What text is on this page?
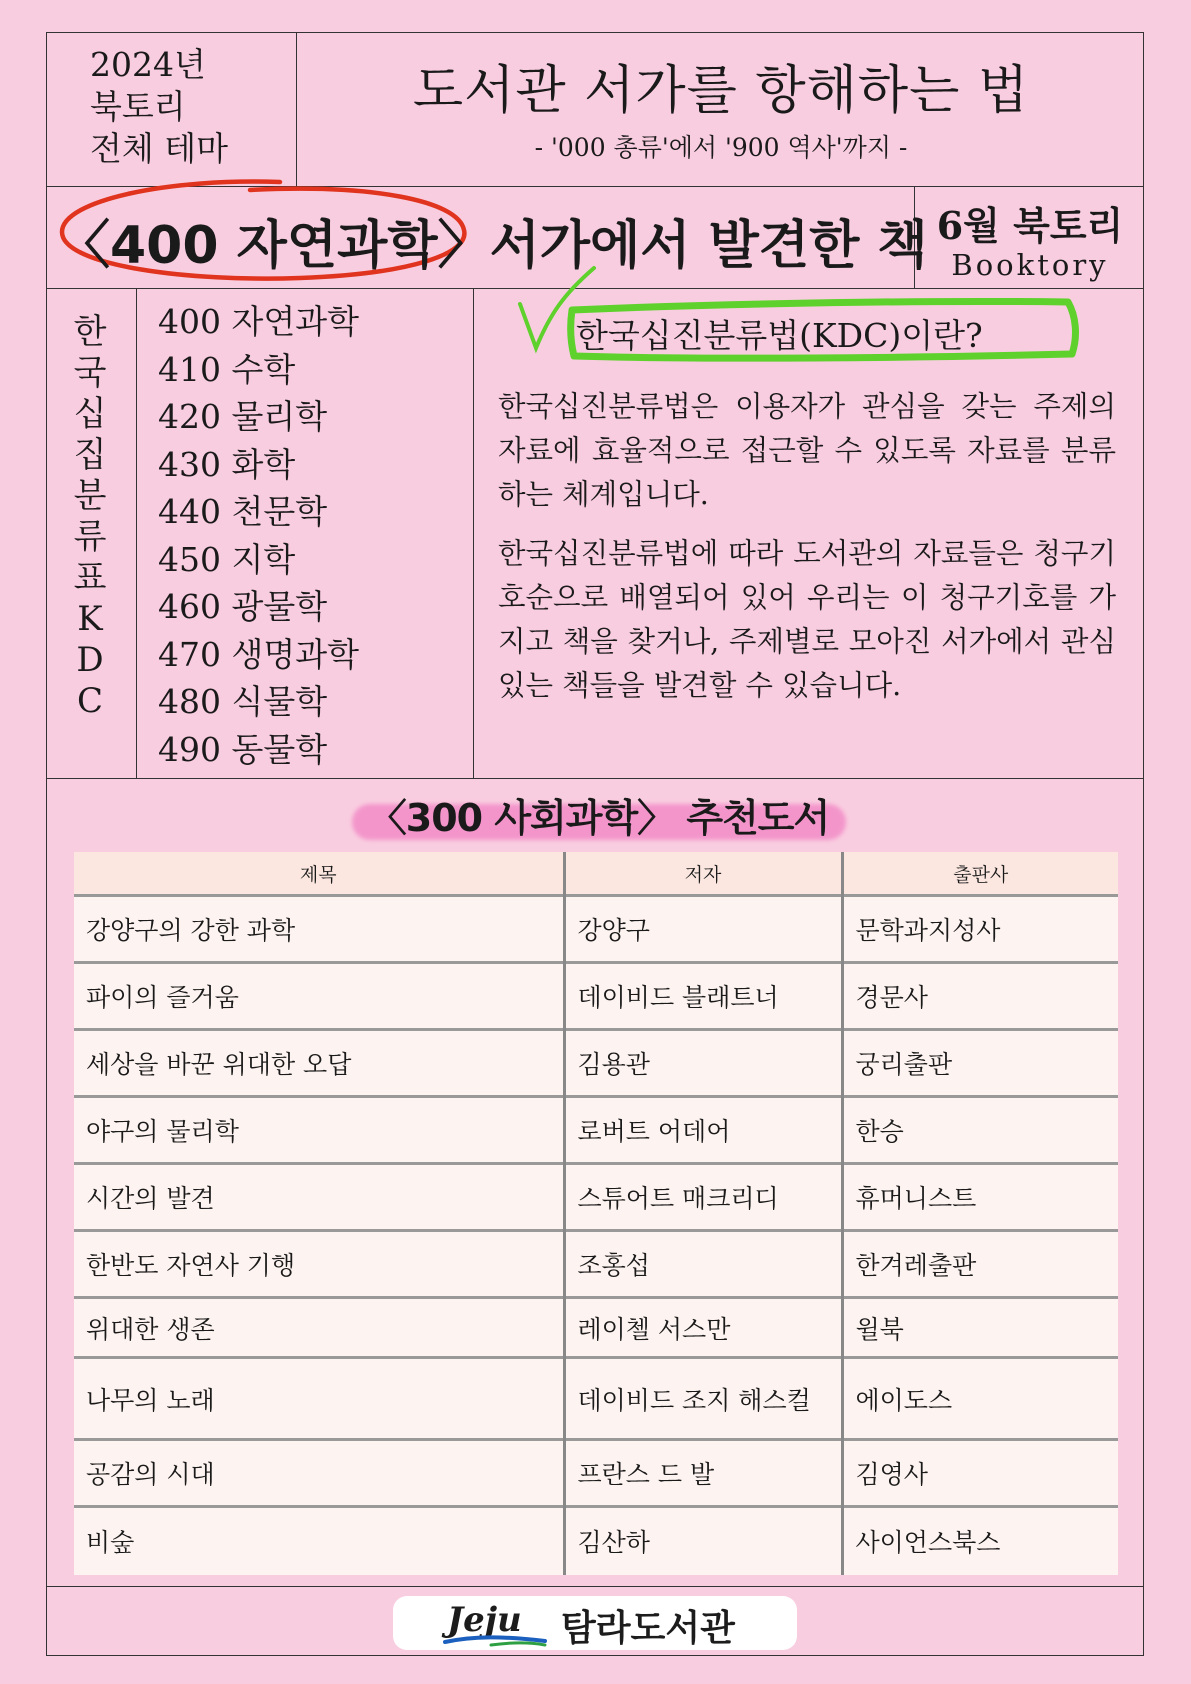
2024년
북토리
전체 테마
도서관 서가를 항해하는 법
- '000 총류'에서 '900 역사'까지 -
〈400 자연과학〉서가에서 발견한 책 6월 북토리
Booktory
한
국
십
집
분
류
표
K
D
C
400 자연과학
410 수학
420 물리학
430 화학
440 천문학
450 지학
460 광물학
470 생명과학
480 식물학
490 동물학
한국십진분류법(KDC)이란?

한국십진분류법은 이용자가 관심을 갖는 주제의 자료에 효율적으로 접근할 수 있도록 자료를 분류하는 체계입니다.

한국십진분류법에 따라 도서관의 자료들은 청구기호순으로 배열되어 있어 우리는 이 청구기호를 가지고 책을 찾거나, 주제별로 모아진 서가에서 관심있는 책들을 발견할 수 있습니다.

〈300 사회과학〉 추천도서
제목	저자	출판사
강양구의 강한 과학	강양구	문학과지성사
파이의 즐거움	데이비드 블래트너	경문사
세상을 바꾼 위대한 오답	김용관	궁리출판
야구의 물리학	로버트 어데어	한승
시간의 발견	스튜어트 매크리디	휴머니스트
한반도 자연사 기행	조홍섭	한겨레출판
위대한 생존	레이첼 서스만	윌북
나무의 노래	데이비드 조지 해스컬	에이도스
공감의 시대	프란스 드 발	김영사
비숲	김산하	사이언스북스
Jeju 탐라도서관
